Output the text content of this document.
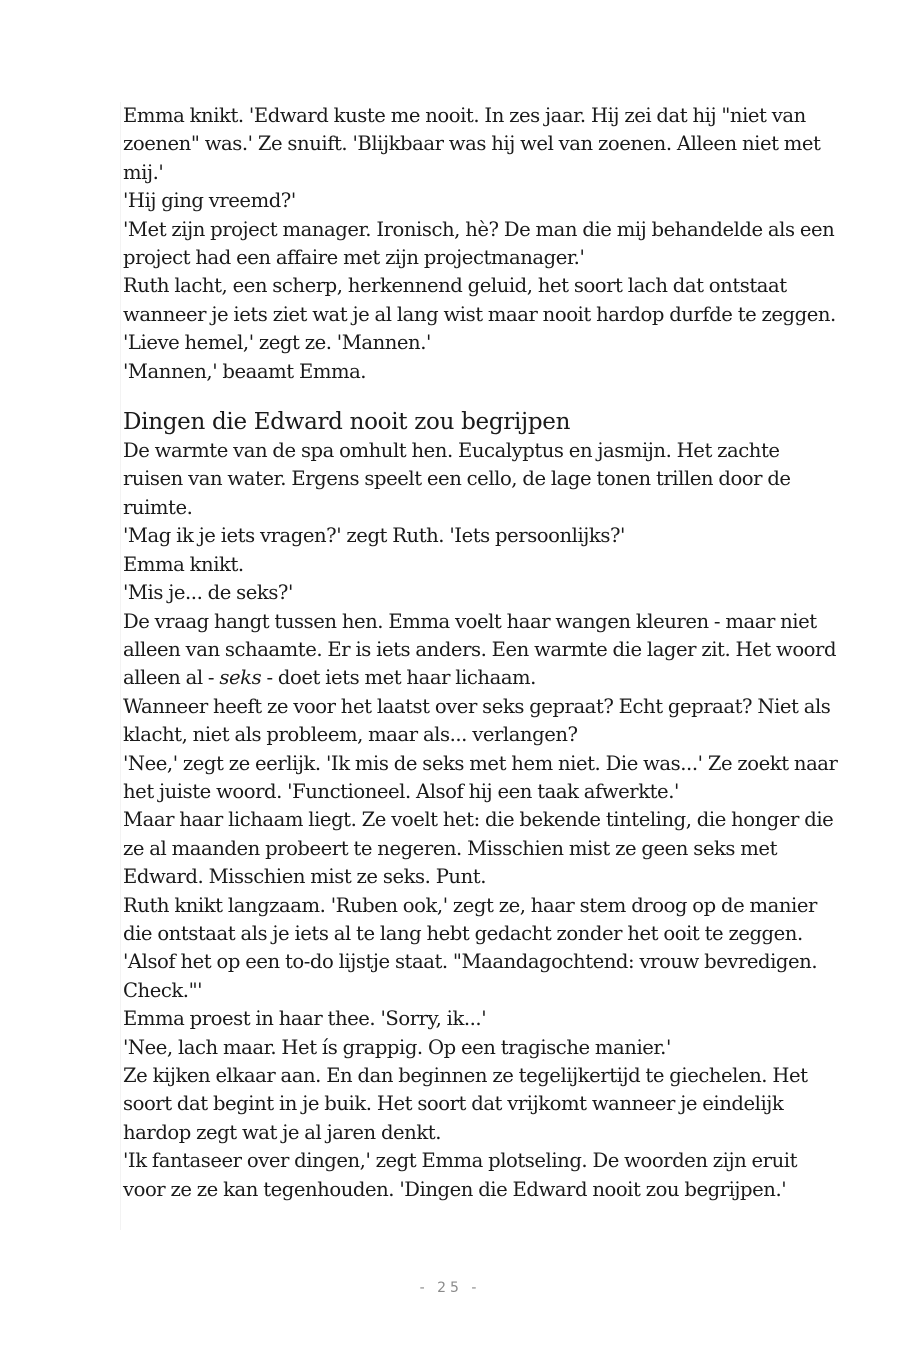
Emma knikt. 'Edward kuste me nooit. In zes jaar. Hij zei dat hij "niet van zoenen" was.' Ze snuift. 'Blijkbaar was hij wel van zoenen. Alleen niet met mij.'

'Hij ging vreemd?'

'Met zijn project manager. Ironisch, hè? De man die mij behandelde als een project had een affaire met zijn projectmanager.'

Ruth lacht, een scherp, herkennend geluid, het soort lach dat ontstaat wanneer je iets ziet wat je al lang wist maar nooit hardop durfde te zeggen. 'Lieve hemel,' zegt ze. 'Mannen.'

'Mannen,' beaamt Emma.

Dingen die Edward nooit zou begrijpen

De warmte van de spa omhult hen. Eucalyptus en jasmijn. Het zachte ruisen van water. Ergens speelt een cello, de lage tonen trillen door de ruimte.

'Mag ik je iets vragen?' zegt Ruth. 'Iets persoonlijks?'

Emma knikt.

'Mis je... de seks?'

De vraag hangt tussen hen. Emma voelt haar wangen kleuren - maar niet alleen van schaamte. Er is iets anders. Een warmte die lager zit. Het woord alleen al - seks - doet iets met haar lichaam.

Wanneer heeft ze voor het laatst over seks gepraat? Echt gepraat? Niet als klacht, niet als probleem, maar als... verlangen?

'Nee,' zegt ze eerlijk. 'Ik mis de seks met hem niet. Die was...' Ze zoekt naar het juiste woord. 'Functioneel. Alsof hij een taak afwerkte.'

Maar haar lichaam liegt. Ze voelt het: die bekende tinteling, die honger die ze al maanden probeert te negeren. Misschien mist ze geen seks met Edward. Misschien mist ze seks. Punt.

Ruth knikt langzaam. 'Ruben ook,' zegt ze, haar stem droog op de manier die ontstaat als je iets al te lang hebt gedacht zonder het ooit te zeggen. 'Alsof het op een to-do lijstje staat. "Maandagochtend: vrouw bevredigen. Check."'

Emma proest in haar thee. 'Sorry, ik...'

'Nee, lach maar. Het ís grappig. Op een tragische manier.'

Ze kijken elkaar aan. En dan beginnen ze tegelijkertijd te giechelen. Het soort dat begint in je buik. Het soort dat vrijkomt wanneer je eindelijk hardop zegt wat je al jaren denkt.

'Ik fantaseer over dingen,' zegt Emma plotseling. De woorden zijn eruit voor ze ze kan tegenhouden. 'Dingen die Edward nooit zou begrijpen.'

- 25 -
